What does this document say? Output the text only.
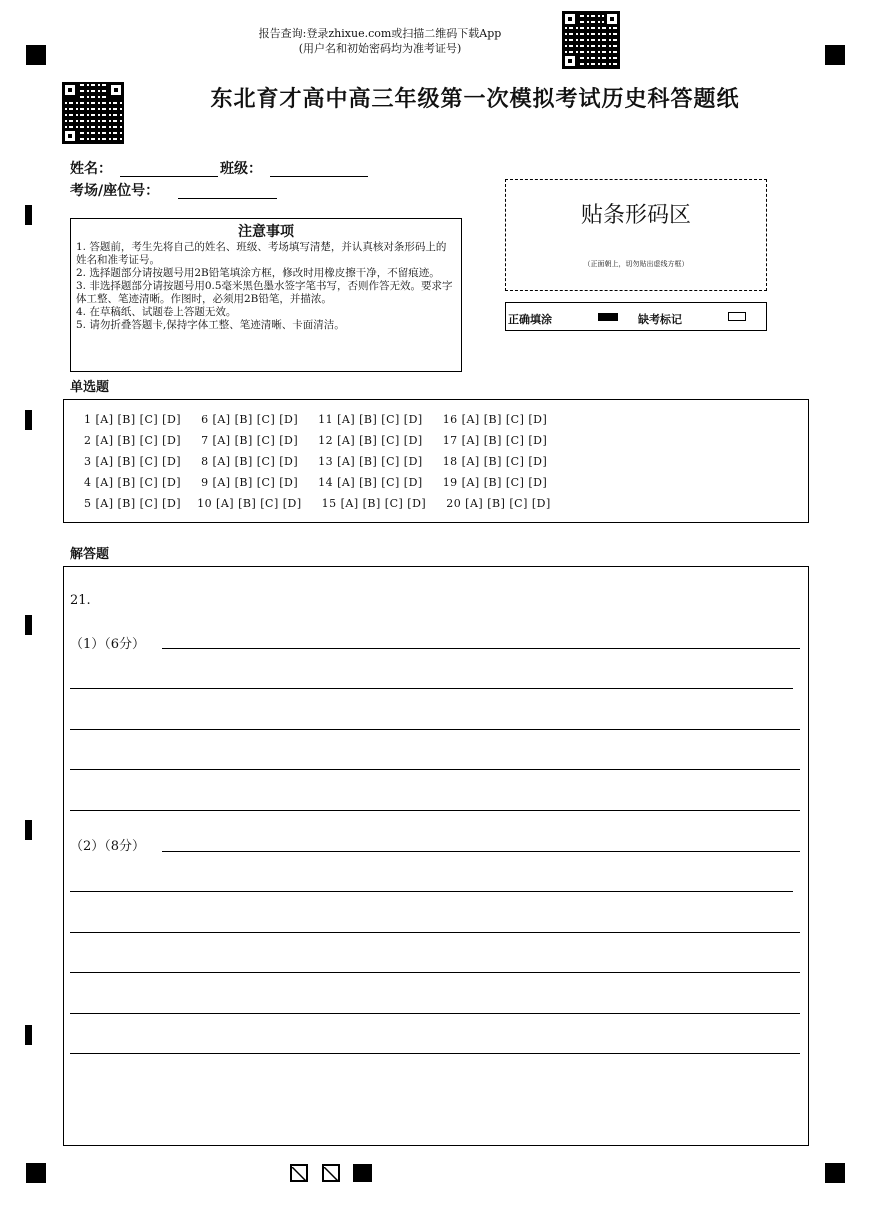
报告查询:登录zhixue.com或扫描二维码下载App
(用户名和初始密码均为准考证号)
东北育才高中高三年级第一次模拟考试历史科答题纸
姓名：	班级：
考场/座位号：
注意事项

1. 答题前，考生先将自己的姓名、班级、考场填写清楚，并认真核对条形码上的姓名和准考证号。

2. 选择题部分请按题号用2B铅笔填涂方框，修改时用橡皮擦干净，不留痕迹。

3. 非选择题部分请按题号用0.5毫米黑色墨水签字笔书写，否则作答无效。要求字体工整、笔迹清晰。作图时，必须用2B铅笔，并描浓。

4. 在草稿纸、试题卷上答题无效。

5. 请勿折叠答题卡,保持字体工整、笔迹清晰、卡面清洁。

贴条形码区
（正面朝上，切勿贴出虚线方框）
正确填涂	缺考标记
单选题
1 [A] [B] [C] [D]     6 [A] [B] [C] [D]     11 [A] [B] [C] [D]     16 [A] [B] [C] [D]
2 [A] [B] [C] [D]     7 [A] [B] [C] [D]     12 [A] [B] [C] [D]     17 [A] [B] [C] [D]
3 [A] [B] [C] [D]     8 [A] [B] [C] [D]     13 [A] [B] [C] [D]     18 [A] [B] [C] [D]
4 [A] [B] [C] [D]     9 [A] [B] [C] [D]     14 [A] [B] [C] [D]     19 [A] [B] [C] [D]
5 [A] [B] [C] [D]    10 [A] [B] [C] [D]     15 [A] [B] [C] [D]     20 [A] [B] [C] [D]
解答题
21.
（1）（6分）
（2）（8分）
